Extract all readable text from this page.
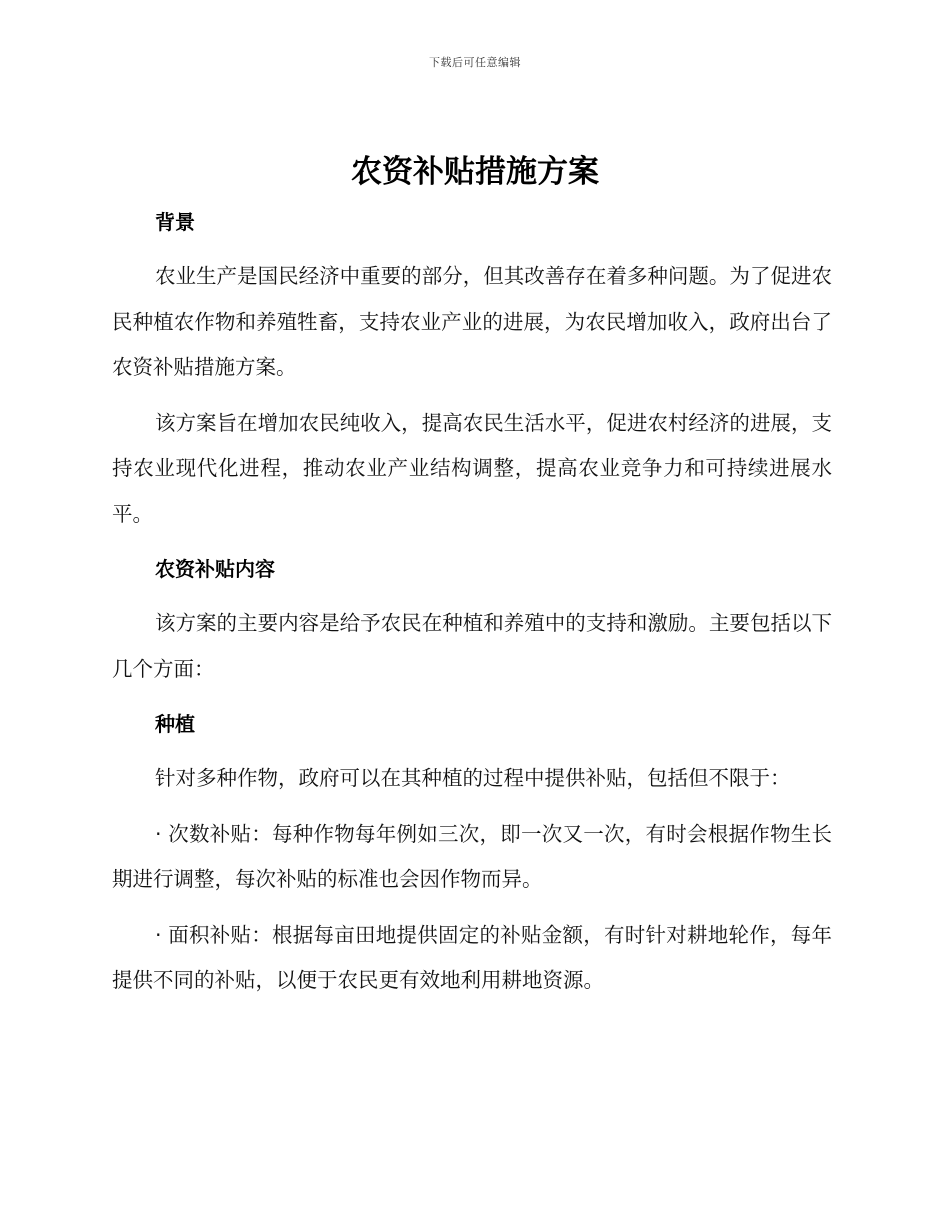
下载后可任意编辑
农资补贴措施方案
背景

农业生产是国民经济中重要的部分，但其改善存在着多种问题。为了促进农民种植农作物和养殖牲畜，支持农业产业的进展，为农民增加收入，政府出台了农资补贴措施方案。

该方案旨在增加农民纯收入，提高农民生活水平，促进农村经济的进展，支持农业现代化进程，推动农业产业结构调整，提高农业竞争力和可持续进展水平。

农资补贴内容

该方案的主要内容是给予农民在种植和养殖中的支持和激励。主要包括以下几个方面：

种植

针对多种作物，政府可以在其种植的过程中提供补贴，包括但不限于：

· 次数补贴：每种作物每年例如三次，即一次又一次，有时会根据作物生长期进行调整，每次补贴的标准也会因作物而异。

· 面积补贴：根据每亩田地提供固定的补贴金额，有时针对耕地轮作，每年提供不同的补贴，以便于农民更有效地利用耕地资源。
